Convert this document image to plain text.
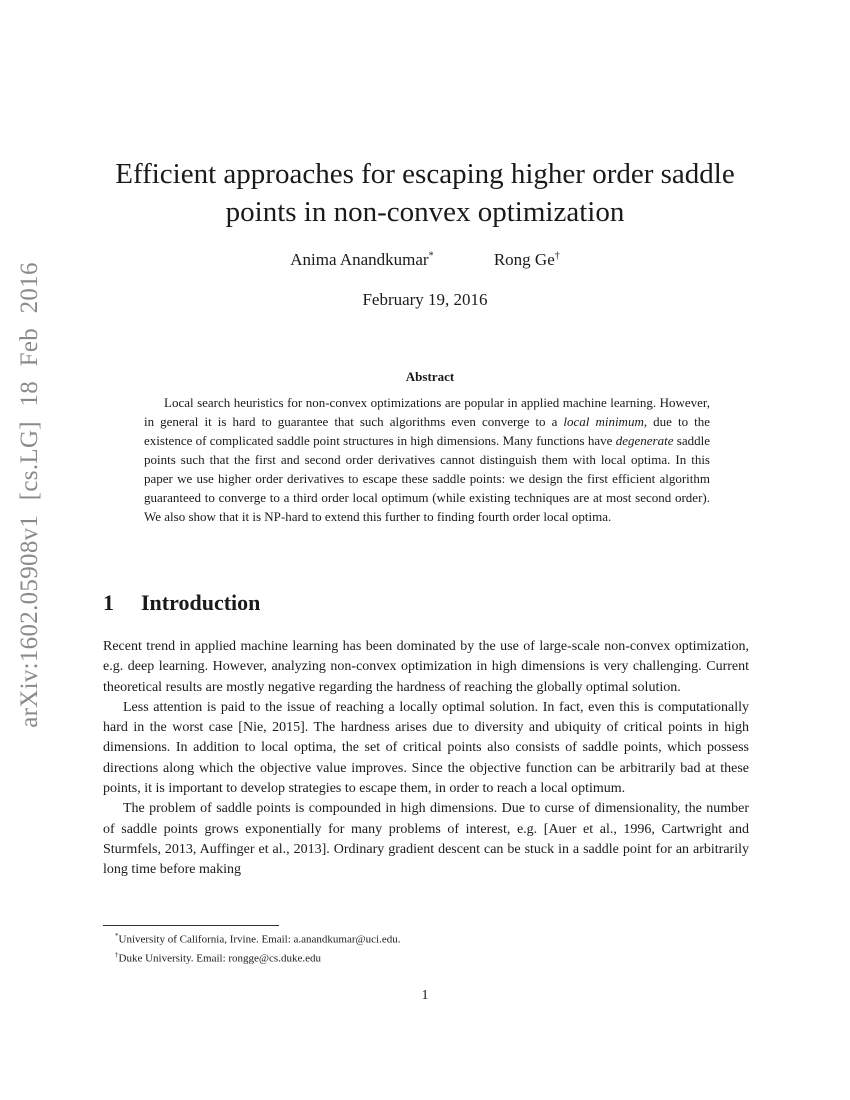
arXiv:1602.05908v1 [cs.LG] 18 Feb 2016
Efficient approaches for escaping higher order saddle points in non-convex optimization
Anima Anandkumar*	Rong Ge†
February 19, 2016
Abstract

Local search heuristics for non-convex optimizations are popular in applied machine learning. However, in general it is hard to guarantee that such algorithms even converge to a local minimum, due to the existence of complicated saddle point structures in high dimensions. Many functions have degenerate saddle points such that the first and second order derivatives cannot distinguish them with local optima. In this paper we use higher order derivatives to escape these saddle points: we design the first efficient algorithm guaranteed to converge to a third order local optimum (while existing techniques are at most second order). We also show that it is NP-hard to extend this further to finding fourth order local optima.

1 Introduction

Recent trend in applied machine learning has been dominated by the use of large-scale non-convex optimization, e.g. deep learning. However, analyzing non-convex optimization in high dimensions is very challenging. Current theoretical results are mostly negative regarding the hardness of reaching the globally optimal solution.

Less attention is paid to the issue of reaching a locally optimal solution. In fact, even this is computationally hard in the worst case [Nie, 2015]. The hardness arises due to diversity and ubiquity of critical points in high dimensions. In addition to local optima, the set of critical points also consists of saddle points, which possess directions along which the objective value improves. Since the objective function can be arbitrarily bad at these points, it is important to develop strategies to escape them, in order to reach a local optimum.

The problem of saddle points is compounded in high dimensions. Due to curse of dimensionality, the number of saddle points grows exponentially for many problems of interest, e.g. [Auer et al., 1996, Cartwright and Sturmfels, 2013, Auffinger et al., 2013]. Ordinary gradient descent can be stuck in a saddle point for an arbitrarily long time before making

*University of California, Irvine. Email: a.anandkumar@uci.edu.
†Duke University. Email: rongge@cs.duke.edu
1
